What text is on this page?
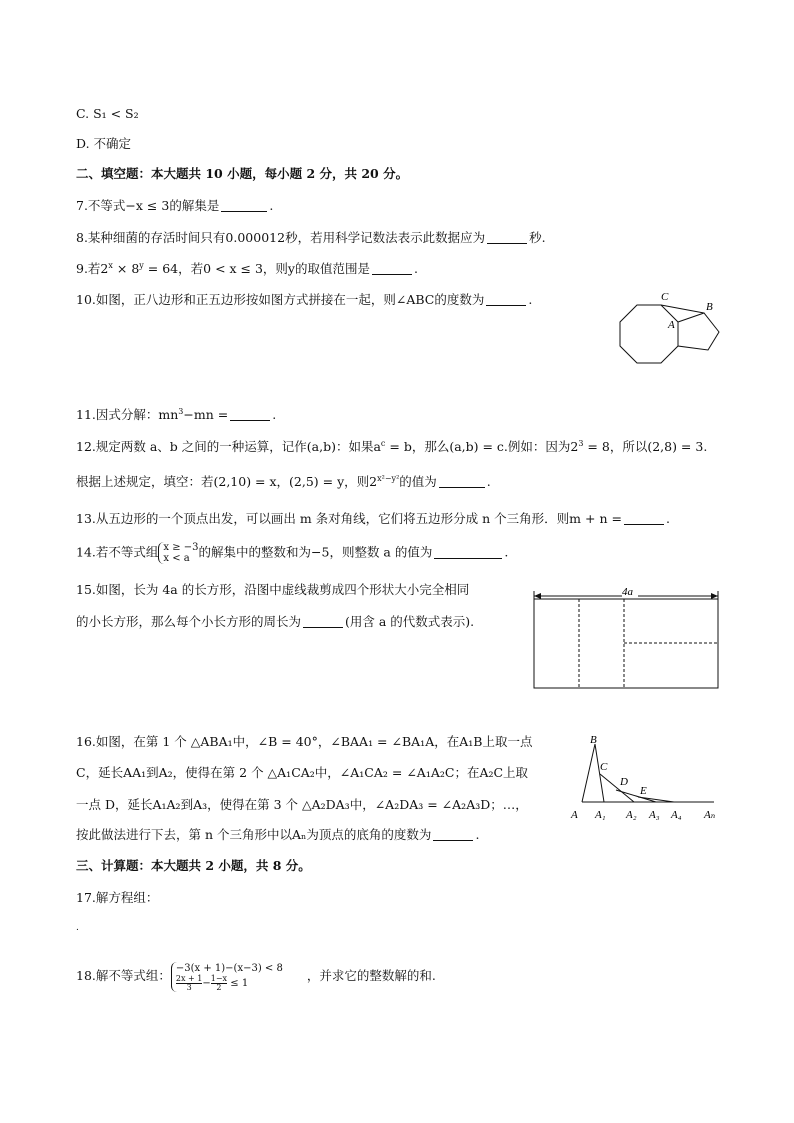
C. S₁ < S₂
D. 不确定
二、填空题：本大题共 10 小题，每小题 2 分，共 20 分。
7.不等式−x ≤ 3的解集是	.
8.某种细菌的存活时间只有0.000012秒，若用科学记数法表示此数据应为	秒.
9.若$2^x \times 8^y = 64$，若0 < x ≤ 3，则y的取值范围是	.
10.如图，正八边形和正五边形按如图方式拼接在一起，则∠ABC的度数为	.	C
B
A
11.因式分解：$mn^3-mn$ =	.
12.规定两数 a、b 之间的一种运算，记作(a,b)：如果$a^c = b$，那么(a,b) = c.例如：因为$2^3 = 8$，所以(2,8) = 3.
根据上述规定，填空：若(2,10) = x，(2,5) = y，则$2^{x^2-y^2}$的值为	.
13.从五边形的一个顶点出发，可以画出 m 条对角线，它们将五边形分成 n 个三角形．则m + n =	.
14.若不等式组 x ≥ −3
x < a 的解集中的整数和为−5，则整数 a 的值为	.
15.如图，长为 4a 的长方形，沿图中虚线裁剪成四个形状大小完全相同
的小长方形，那么每个小长方形的周长为	(用含 a 的代数式表示).
4a
16.如图，在第 1 个 △ABA₁中，∠B = 40°，∠BAA₁ = ∠BA₁A，在A₁B上取一点
C，延长AA₁到A₂，使得在第 2 个 △A₁CA₂中，∠A₁CA₂ = ∠A₁A₂C；在A₂C上取
一点 D，延长A₁A₂到A₃，使得在第 3 个 △A₂DA₃中，∠A₂DA₃ = ∠A₂A₃D；…，
按此做法进行下去，第 n 个三角形中以Aₙ为顶点的底角的度数为	.
B
C
D
E
A A₁ A₂ A₃ A₄ Aₙ
三、计算题：本大题共 2 小题，共 8 分。
17.解方程组：
.
18.解不等式组： −3(x + 1)−(x−3) < 8
$\frac{2x + 1}{3} - \frac{1-x}{2} \le 1$	，并求它的整数解的和.
